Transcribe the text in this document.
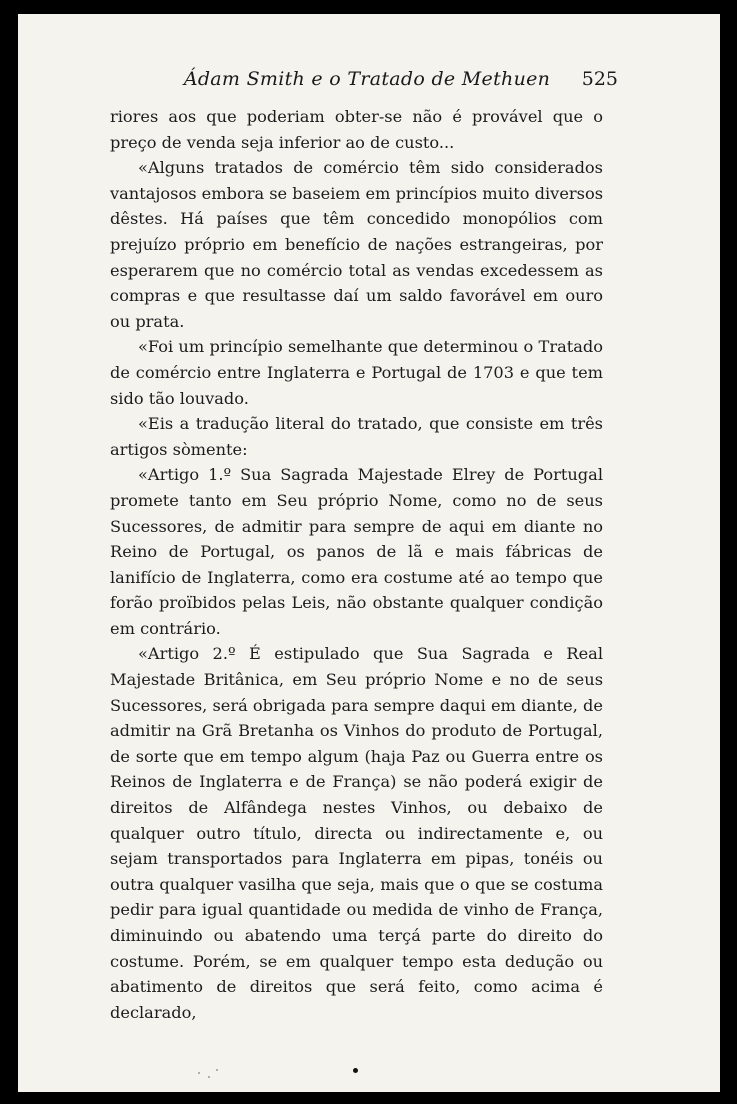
Ádam Smith e o Tratado de Methuen	525

riores aos que poderiam obter-se não é provável que o preço de venda seja inferior ao de custo...

«Alguns tratados de comércio têm sido considerados vantajosos embora se baseiem em princípios muito diversos dêstes. Há países que têm concedido monopólios com prejuízo próprio em benefício de nações estrangeiras, por esperarem que no comércio total as vendas excedessem as compras e que resultasse daí um saldo favorável em ouro ou prata.

«Foi um princípio semelhante que determinou o Tratado de comércio entre Inglaterra e Portugal de 1703 e que tem sido tão louvado.

«Eis a tradução literal do tratado, que consiste em três artigos sòmente:

«Artigo 1.º Sua Sagrada Majestade Elrey de Portugal promete tanto em Seu próprio Nome, como no de seus Sucessores, de admitir para sempre de aqui em diante no Reino de Portugal, os panos de lã e mais fábricas de lanifício de Inglaterra, como era costume até ao tempo que forão proïbidos pelas Leis, não obstante qualquer condição em contrário.

«Artigo 2.º É estipulado que Sua Sagrada e Real Majestade Britânica, em Seu próprio Nome e no de seus Sucessores, será obrigada para sempre daqui em diante, de admitir na Grã Bretanha os Vinhos do produto de Portugal, de sorte que em tempo algum (haja Paz ou Guerra entre os Reinos de Inglaterra e de França) se não poderá exigir de direitos de Alfândega nestes Vinhos, ou debaixo de qualquer outro título, directa ou indirectamente e, ou sejam transportados para Inglaterra em pipas, tonéis ou outra qualquer vasilha que seja, mais que o que se costuma pedir para igual quantidade ou medida de vinho de França, diminuindo ou abatendo uma terçá parte do direito do costume. Porém, se em qualquer tempo esta dedução ou abatimento de direitos que será feito, como acima é declarado,
